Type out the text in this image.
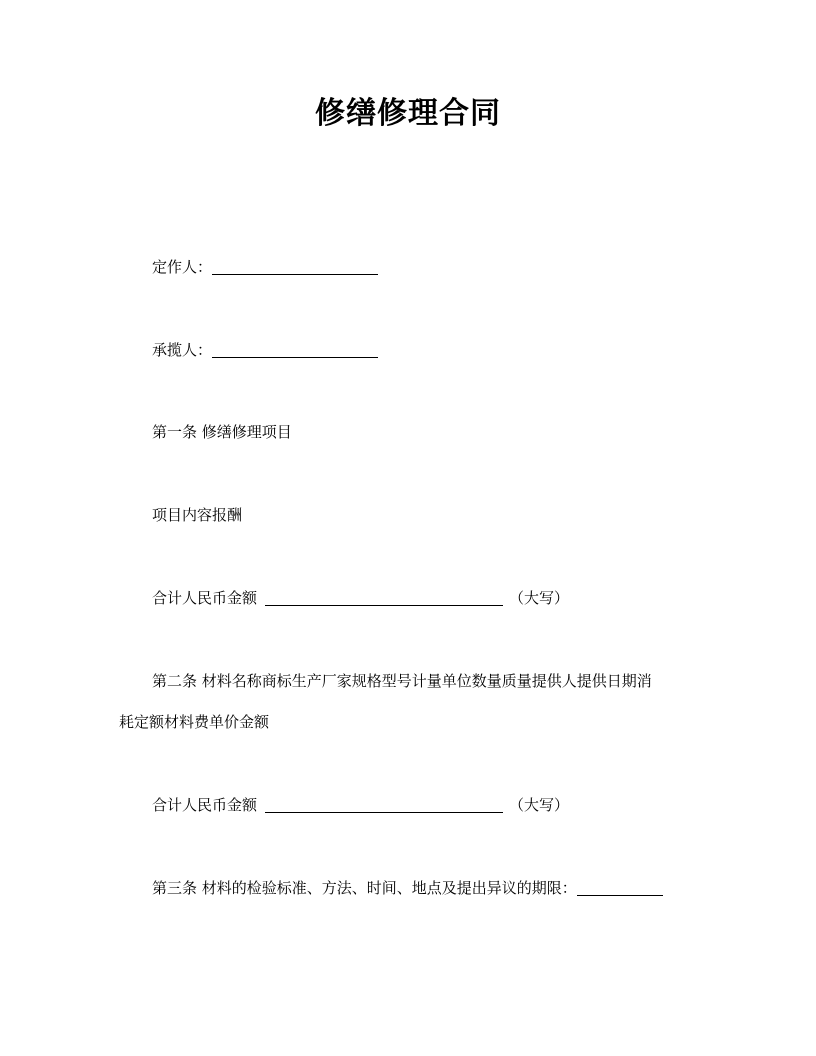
修缮修理合同
定作人：
承揽人：
第一条 修缮修理项目
项目内容报酬
合计人民币金额	（大写）
第二条 材料名称商标生产厂家规格型号计量单位数量质量提供人提供日期消
耗定额材料费单价金额
合计人民币金额	（大写）
第三条 材料的检验标准、方法、时间、地点及提出异议的期限：
